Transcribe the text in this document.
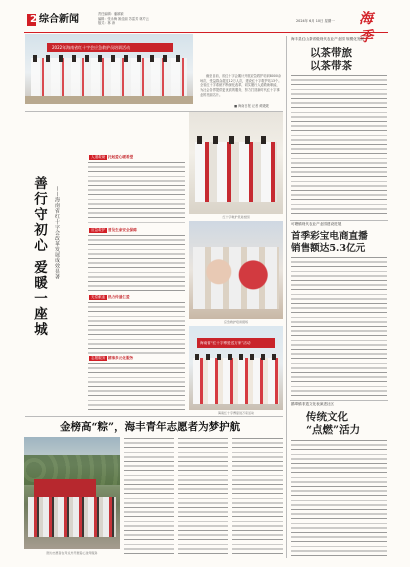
2 综合新闻	责任编辑：潘颖颖
编辑：张永梅 姚佳丽 苏雷芳 林芹云
版式：林 涛
2024年 6月 10日 星期一 海 季
2022年海南省红十字会应急救护员培训活动

截至目前，省红十字会累计开展应急救护培训8000余场次，受益群众超过12万人次，建设红十字救护站13个。全省红十字系统不断深化改革，切实履行人道救助职能，为社会各界提供更优质的服务，努力打造新时代红十字事业的亮丽名片。

■ 海南日报 记者 黄媛媛
善行守初心 爱暖一座城 ——海南省红十字会改革发展成效显著
人道救助 托起爱心暖希望
应急救护 普及生命安全保障
无偿献血 热力传递仁爱
志愿服务 精准多元化服务
红十字救护员进校园
应急救护培训现场
海南省“红十字博爱送万家”活动
海南红十字博爱进万家活动
金榜高“粽”，海丰青年志愿者为梦护航
图为志愿者在考点外开展爱心送考服务
海丰县红山茶省级现代农业产业园 规模化发展
以茶带旅
以茶带茶
可塘镇现代农业产业园建设进展
首季彩宝电商直播
销售额达5.3亿元
鹅埠镇非遗文化表演进社区
传统文化
“点燃”活力
